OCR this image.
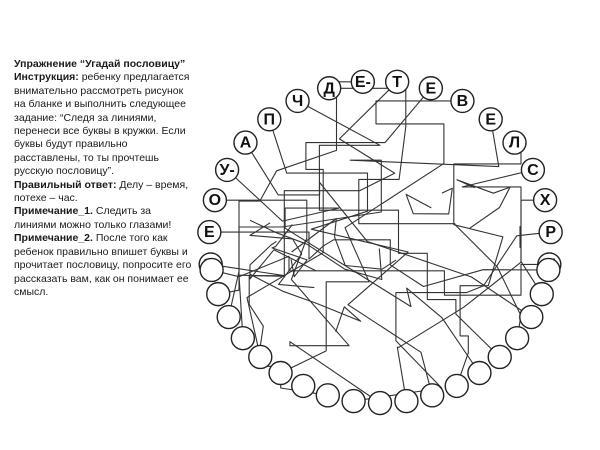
Упражнение “Угадай пословицу”

Инструкция: ребенку предлагается внимательно рассмотреть рисунок на бланке и выполнить следующее задание: “Следя за линиями, перенеси все буквы в кружки. Если буквы будут правильно расставлены, то ты прочтешь русскую пословицу”.

Правильный ответ: Делу – время, потехе – час.

Примечание_1. Следить за линиями можно только глазами!

Примечание_2. После того как ребенок правильно впишет буквы и прочитает пословицу, попросите его рассказать вам, как он понимает ее смысл.

Е
О
У-
А
П
Ч
Д Е- Т Е
В
Е
Л
С
Х
Р
